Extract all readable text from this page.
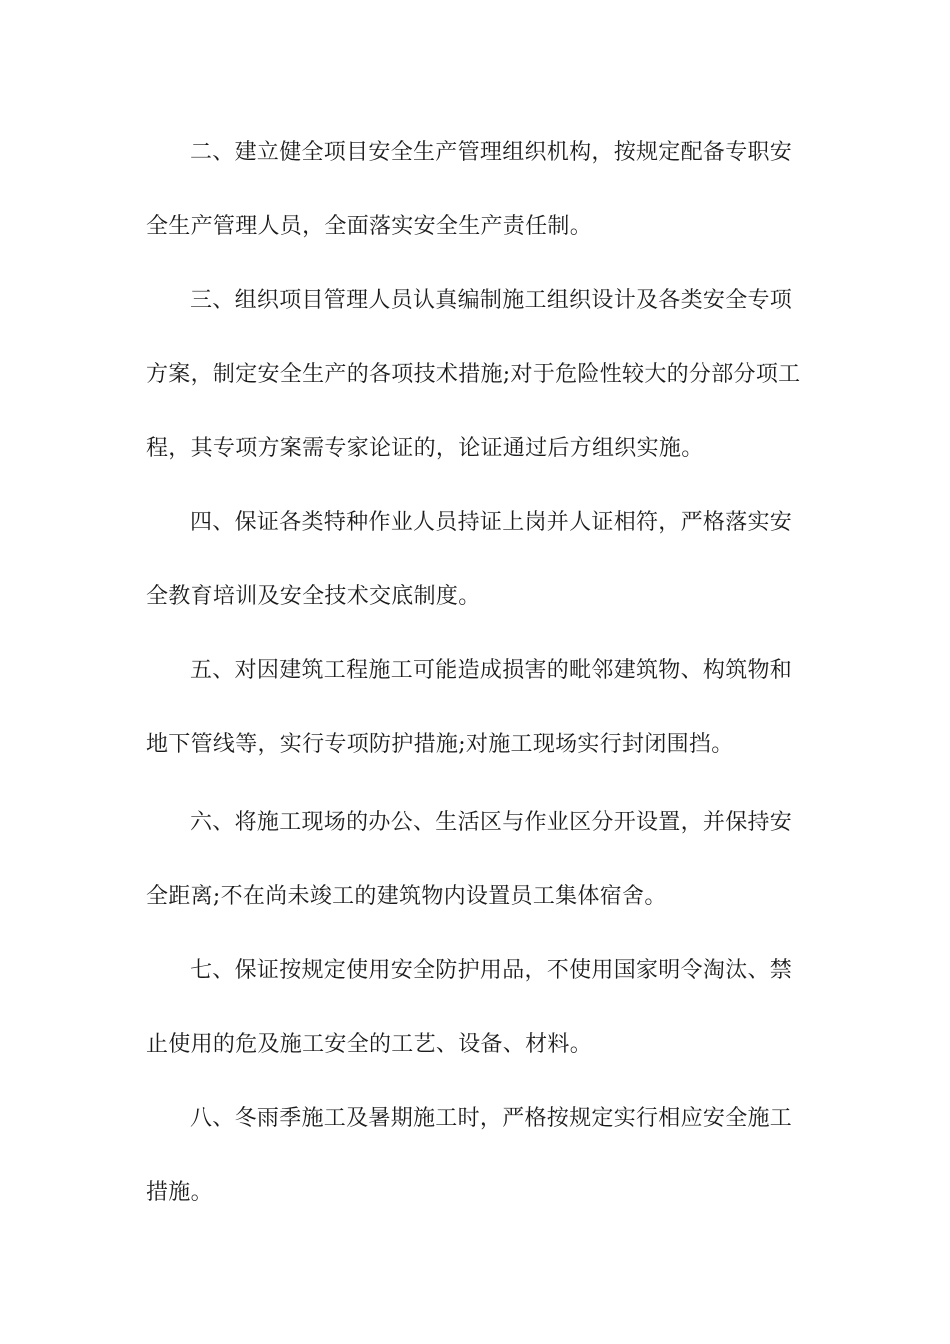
二、建立健全项目安全生产管理组织机构，按规定配备专职安
全生产管理人员，全面落实安全生产责任制。
三、组织项目管理人员认真编制施工组织设计及各类安全专项
方案，制定安全生产的各项技术措施;对于危险性较大的分部分项工
程，其专项方案需专家论证的，论证通过后方组织实施。
四、保证各类特种作业人员持证上岗并人证相符，严格落实安
全教育培训及安全技术交底制度。
五、对因建筑工程施工可能造成损害的毗邻建筑物、构筑物和
地下管线等，实行专项防护措施;对施工现场实行封闭围挡。
六、将施工现场的办公、生活区与作业区分开设置，并保持安
全距离;不在尚未竣工的建筑物内设置员工集体宿舍。
七、保证按规定使用安全防护用品，不使用国家明令淘汰、禁
止使用的危及施工安全的工艺、设备、材料。
八、冬雨季施工及暑期施工时，严格按规定实行相应安全施工
措施。
